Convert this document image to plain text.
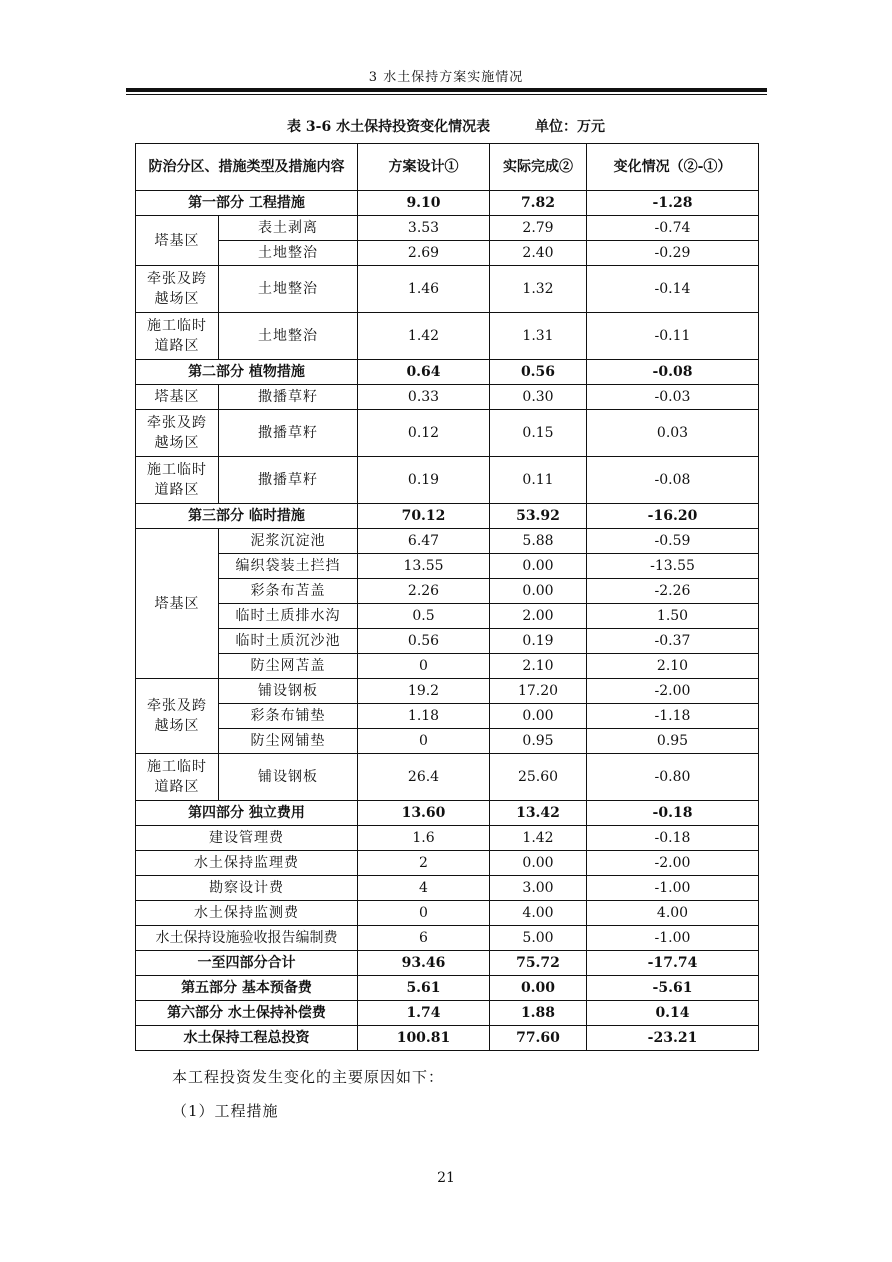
3 水土保持方案实施情况
表 3-6 水土保持投资变化情况表	单位：万元
防治分区、措施类型及措施内容		方案设计①	实际完成②	变化情况（②-①）
第一部分 工程措施		9.10	7.82	-1.28
塔基区	表土剥离	3.53	2.79	-0.74
	土地整治	2.69	2.40	-0.29
牵张及跨越场区	土地整治	1.46	1.32	-0.14
施工临时道路区	土地整治	1.42	1.31	-0.11
第二部分 植物措施		0.64	0.56	-0.08
塔基区	撒播草籽	0.33	0.30	-0.03
牵张及跨越场区	撒播草籽	0.12	0.15	0.03
施工临时道路区	撒播草籽	0.19	0.11	-0.08
第三部分 临时措施		70.12	53.92	-16.20
塔基区	泥浆沉淀池	6.47	5.88	-0.59
	编织袋装土拦挡	13.55	0.00	-13.55
	彩条布苫盖	2.26	0.00	-2.26
	临时土质排水沟	0.5	2.00	1.50
	临时土质沉沙池	0.56	0.19	-0.37
	防尘网苫盖	0	2.10	2.10
牵张及跨越场区	铺设钢板	19.2	17.20	-2.00
	彩条布铺垫	1.18	0.00	-1.18
	防尘网铺垫	0	0.95	0.95
施工临时道路区	铺设钢板	26.4	25.60	-0.80
第四部分 独立费用		13.60	13.42	-0.18
建设管理费		1.6	1.42	-0.18
水土保持监理费		2	0.00	-2.00
勘察设计费		4	3.00	-1.00
水土保持监测费		0	4.00	4.00
水土保持设施验收报告编制费		6	5.00	-1.00
一至四部分合计		93.46	75.72	-17.74
第五部分 基本预备费		5.61	0.00	-5.61
第六部分 水土保持补偿费		1.74	1.88	0.14
水土保持工程总投资		100.81	77.60	-23.21
本工程投资发生变化的主要原因如下：
（1）工程措施
21
